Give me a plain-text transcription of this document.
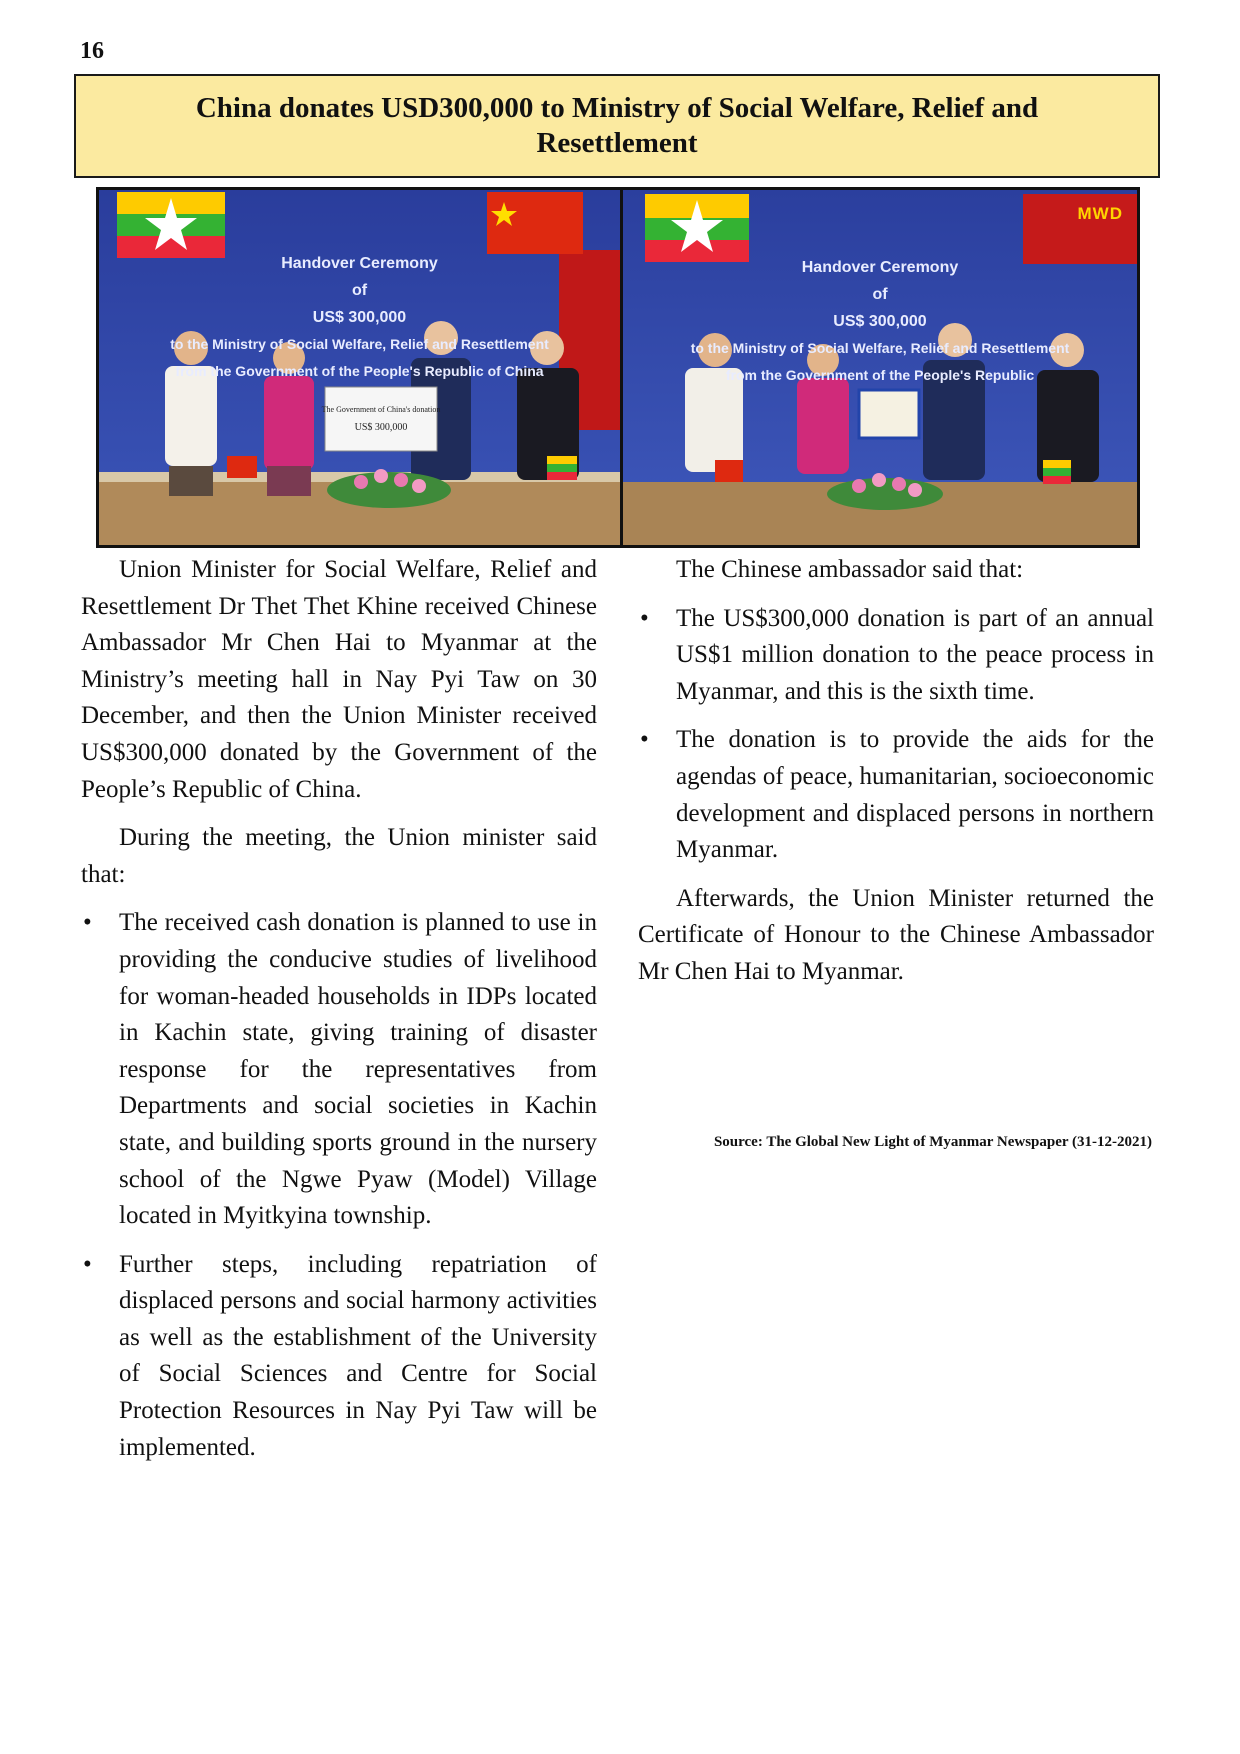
16
China donates USD300,000 to Ministry of Social Welfare, Relief and Resettlement
The Government of China's donation
US$ 300,000
Handover Ceremony
of
US$ 300,000
to the Ministry of Social Welfare, Relief and Resettlement
from the Government of the People's Republic of China
MWD
Handover Ceremony
of
US$ 300,000
to the Ministry of Social Welfare, Relief and Resettlement
from the Government of the People's Republic

Union Minister for Social Welfare, Relief and Resettlement Dr Thet Thet Khine received Chinese Ambassador Mr Chen Hai to Myanmar at the Ministry’s meeting hall in Nay Pyi Taw on 30 December, and then the Union Minister received US$300,000 donated by the Government of the People’s Republic of China.

During the meeting, the Union minister said that:

• The received cash donation is planned to use in providing the conducive studies of livelihood for woman-headed households in IDPs located in Kachin state, giving training of disaster response for the representatives from Departments and social societies in Kachin state, and building sports ground in the nursery school of the Ngwe Pyaw (Model) Village located in Myitkyina township.
• Further steps, including repatriation of displaced persons and social harmony activities as well as the establishment of the University of Social Sciences and Centre for Social Protection Resources in Nay Pyi Taw will be implemented.

The Chinese ambassador said that:

• The US$300,000 donation is part of an annual US$1 million donation to the peace process in Myanmar, and this is the sixth time.
• The donation is to provide the aids for the agendas of peace, humanitarian, socioeconomic development and displaced persons in northern Myanmar.

Afterwards, the Union Minister returned the Certificate of Honour to the Chinese Ambassador Mr Chen Hai to Myanmar.

Source: The Global New Light of Myanmar Newspaper (31-12-2021)
